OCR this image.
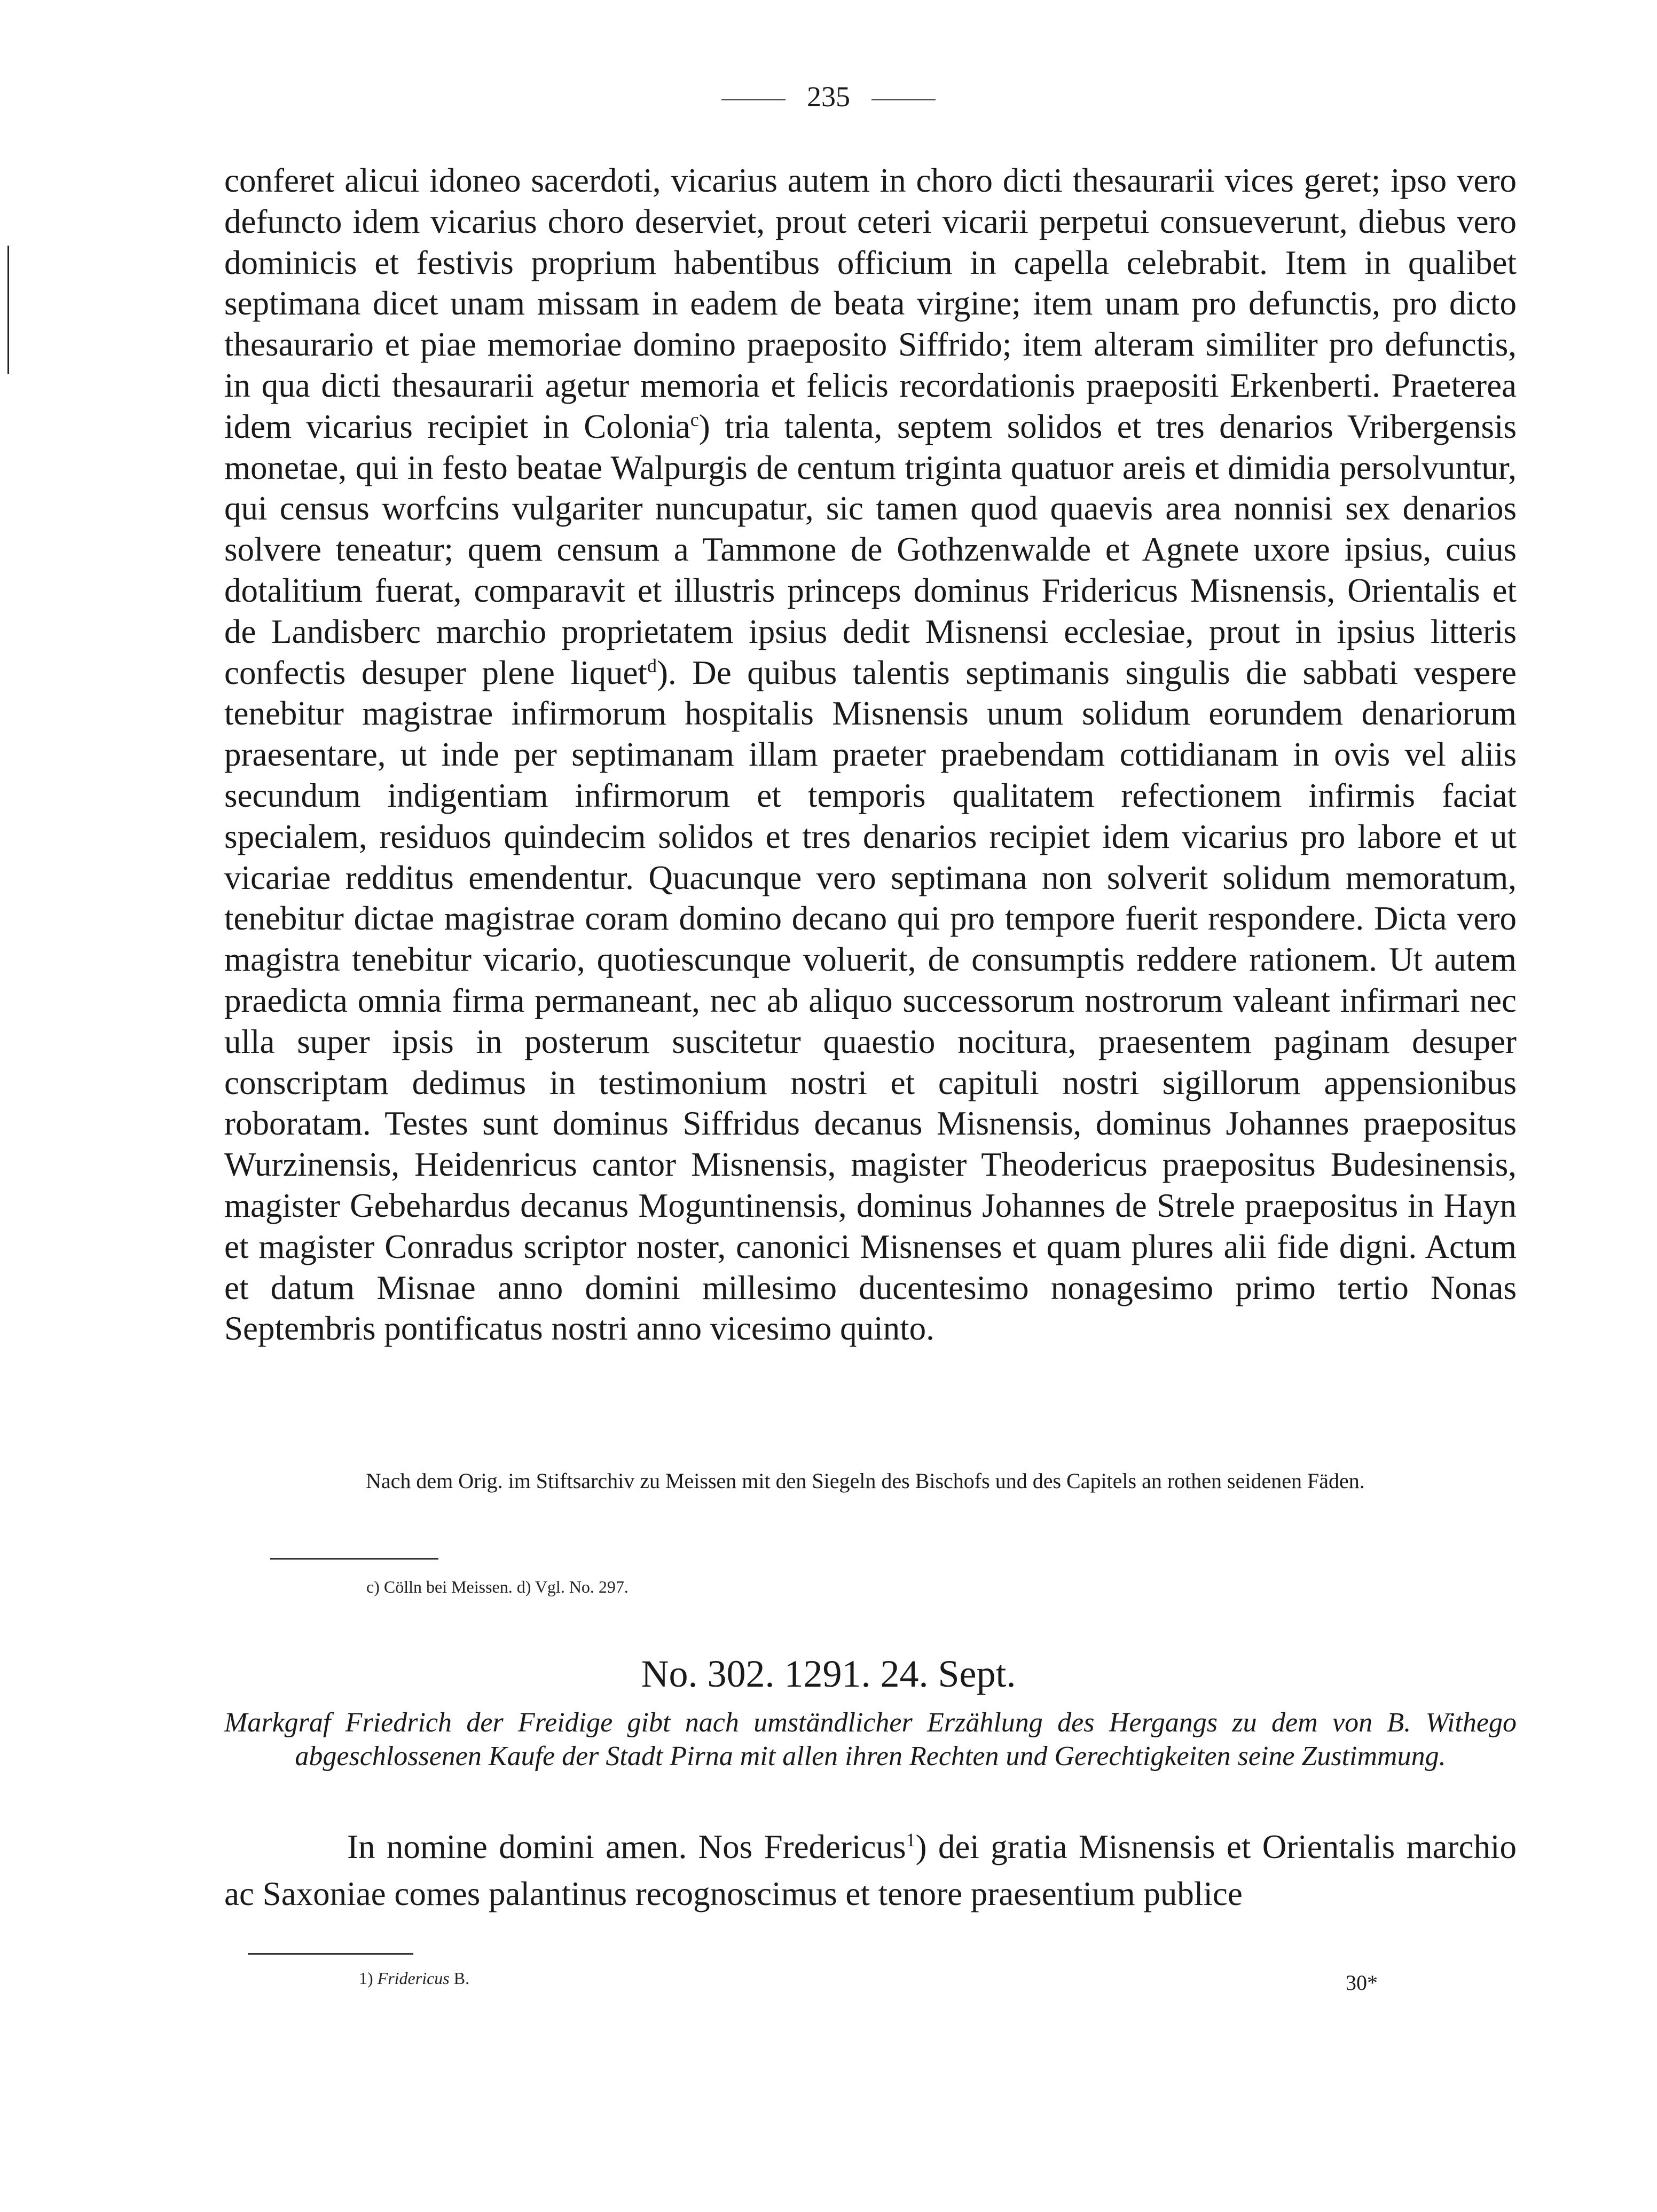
235

conferet alicui idoneo sacerdoti, vicarius autem in choro dicti thesaurarii vices geret; ipso vero defuncto idem vicarius choro deserviet, prout ceteri vicarii perpetui consueverunt, diebus vero dominicis et festivis proprium habentibus officium in capella celebrabit. Item in qualibet septimana dicet unam missam in eadem de beata virgine; item unam pro defunctis, pro dicto thesaurario et piae memoriae domino praeposito Siffrido; item alteram similiter pro defunctis, in qua dicti thesaurarii agetur memoria et felicis recordationis praepositi Erkenberti. Praeterea idem vicarius recipiet in Colonia$^c$) tria talenta, septem solidos et tres denarios Vribergensis monetae, qui in festo beatae Walpurgis de centum triginta quatuor areis et dimidia persolvuntur, qui census worfcins vulgariter nuncupatur, sic tamen quod quaevis area nonnisi sex denarios solvere teneatur; quem censum a Tammone de Gothzenwalde et Agnete uxore ipsius, cuius dotalitium fuerat, comparavit et illustris princeps dominus Fridericus Misnensis, Orientalis et de Landisberc marchio proprietatem ipsius dedit Misnensi ecclesiae, prout in ipsius litteris confectis desuper plene liquet$^d$). De quibus talentis septimanis singulis die sabbati vespere tenebitur magistrae infirmorum hospitalis Misnensis unum solidum eorundem denariorum praesentare, ut inde per septimanam illam praeter praebendam cottidianam in ovis vel aliis secundum indigentiam infirmorum et temporis qualitatem refectionem infirmis faciat specialem, residuos quindecim solidos et tres denarios recipiet idem vicarius pro labore et ut vicariae redditus emendentur. Quacunque vero septimana non solverit solidum memoratum, tenebitur dictae magistrae coram domino decano qui pro tempore fuerit respondere. Dicta vero magistra tenebitur vicario, quotiescunque voluerit, de consumptis reddere rationem. Ut autem praedicta omnia firma permaneant, nec ab aliquo successorum nostrorum valeant infirmari nec ulla super ipsis in posterum suscitetur quaestio nocitura, praesentem paginam desuper conscriptam dedimus in testimonium nostri et capituli nostri sigillorum appensionibus roboratam. Testes sunt dominus Siffridus decanus Misnensis, dominus Johannes praepositus Wurzinensis, Heidenricus cantor Misnensis, magister Theodericus praepositus Budesinensis, magister Gebehardus decanus Moguntinensis, dominus Johannes de Strele praepositus in Hayn et magister Conradus scriptor noster, canonici Misnenses et quam plures alii fide digni. Actum et datum Misnae anno domini millesimo ducentesimo nonagesimo primo tertio Nonas Septembris pontificatus nostri anno vicesimo quinto.

Nach dem Orig. im Stiftsarchiv zu Meissen mit den Siegeln des Bischofs und des Capitels an rothen seidenen Fäden.
c) Cölln bei Meissen. d) Vgl. No. 297.
No. 302. 1291. 24. Sept.
Markgraf Friedrich der Freidige gibt nach umständlicher Erzählung des Hergangs zu dem von B. Withego abgeschlossenen Kaufe der Stadt Pirna mit allen ihren Rechten und Gerechtigkeiten seine Zustimmung.
In nomine domini amen. Nos Fredericus$^1$) dei gratia Misnensis et Orientalis marchio ac Saxoniae comes palantinus recognoscimus et tenore praesentium publice
1) Fridericus B.	30*
